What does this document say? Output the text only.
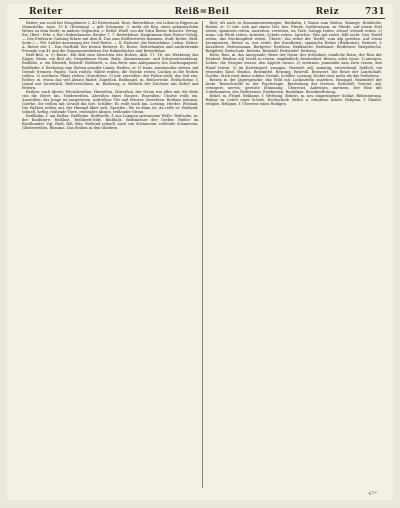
Reiter	Reiß=Beil	Reiz	731

Reiter; nur noch bei Neugebauer 2, 43 Reiterstand, Ross, Reiterfahne; ein Lehen in Rippen an Mannshöhe. Ausz. 15 b. (Hornung) — gelt Schanzen. 3. mehr als Reg. einer geharnischten Wehre zu dem Dorfe; in andern Gegenden; s. Rößel. Ehrfl. von der Stirn Reiter. Rosscht. Vertag. Sie. (Reit.: Frhr. v. Rw.) Bobenhausen: Bruder 7, 7: Reiterfahne; Hauptmann über Reiter-Gefolg. — Des Freiherrn Gattung führte mit dem R. Das zum Stellvertreter kommen. Stall.-Reiter. (Beil. Seite.) — Prf. Sattler-Anweisung der Graf Reiter. — II. Reiterei; die Reiterfahne. Lehen. Reiter: A. Reiter der 1.: Das Dorfbild. der fernen Reiterei. R.: Rosse, Reiterhaufen und nachreitende Freunde von 41 und die Dragonereinheiten der Hakenbüchse und Reiterfahne.

Reiß-Beil, n. 1) Bauw.: Ein Beil zum Zurichten des Holzes, Abb. 17. 18. ein Werkzeug das Sägen, Eisen, ein Beil als: Neugebauer Eisen: Rabe, Zimmermanns- und Schreinerwerkzeug. Reißblei, n. ein Bleistift, Rotstift. Reißbrett, n. das Brett zum Aufspannen des Zeichenpapiers. Reißfeder, f. Werkzeug zum Ziehen gerader Linien. Reißen, st. 1) trans. auseinander ziehen, mit Gewalt trennen: Papier, Tuch reißen; Nähte reißen; die Stricke rissen; Lücken in die Reihen reißen. 2) zeichnen: Pläne reißen, Grundrisse. 3) intr. zerreißen: der Faden reißt, das Seil riss. Reißer, m. etwas das viel Absatz findet; Zugstück. Reißnagel, m. Reißzwecke. Reißschiene, f. Lineal mit Querstück. Reißverschluss, m. Reißzeug, n. Besteck der Zeichner mit Zirkel und Federn.

Reißen: auch übertr. Fürsichreißen, Hinreißen, Mitreißen. der Strom riss alles mit; die Rede riss die Hörer hin. Niederreißen, Abreißen eines Hauses. Einreißen: Unsitte reißt ein. Ausreißen: der Junge ist ausgerissen. Aufreißen: Tür und Fenster. Zerreißen. Reißaus nehmen. Goethe: Sie reißen mit Gewalt ihn fort. Schiller: Es reißt mich hin. Lessing. Herder. Wieland. Die Wolken reißen auf, der Himmel klärt sich. Sprichw.: Wo es dünn ist, da reißt es. Reißend: schnell, heftig; reißende Tiere, reißender Absatz, reißender Strom.

Reißbahn, f. am Ballon. Reißleine. Reißwolle, f. aus Lumpen gewonnene Wolle. Reißzahn, m. der Raubtiere. Reißlust. Reißbrett-Stift. Reißholz. Reißmesser der Gerber. Reißer im Buchhandel. Vgl. Rieß, Riß, Ritz. Reißend schnell, auch von Schmerzen: reißende Schmerzen, Gliederreißen, Rheuma. Das Reißen in den Gliedern.

Reit; oft auch in Zusammensetzungen. Reitbahn, f. Raum zum Reiten, Manege. Reitdecke. Reiten, st. 1) intr. sich auf einem Tier, bes. Pferde, fortbewegen: zu Pferde, auf einem Esel reiten; spazieren reiten, ausreiten, vorreiten; im Trab, Galopp reiten; scharf, schnell reiten. 2) trans. ein Pferd reiten, zureiten; Schule reiten. Sprichw.: Wer gut reitet, fällt nicht. Den Teufel reiten; das Steckenpferd reiten. Übertr.: ihn reitet der Teufel; vom Alp geritten. Auf etwas herumreiten. Reiter, m. wer reitet; der Kavallerist; spanische Reiter (Hindernis). Reiterei, f. Kavallerie. Reitersmann. Reitgerte. Reithose. Reitknecht. Reitkunst. Reitlehrer. Reitpeitsche. Reitpferd. Reitschule. Reitsitz. Reitstall. Reitstiefel. Reitweg.

Reitz, Reiz, m. das Anregende; Reize der Natur, der Schönheit; sinnliche Reize; der Reiz der Neuheit. Reizbar, adj. leicht zu reizen, empfindlich; Reizbarkeit. Reizen, schw. trans. 1) anregen, locken: die Neugier reizen, den Appetit reizen. 2) erzürnen: jemanden zum Zorn reizen, den Hund reizen. 3) im Kartenspiel: ansagen. Reizend, adj. anmutig, entzückend, lieblich; ein reizendes Kind. Reizlos. Reizmittel. Reizung. Reizvoll. Reizwort. Die Reize der Landschaft. Goethe: Mich reizt deine schöne Gestalt. Schiller. Lessing: Nichts reizt mehr als das Verbotene.

Reizen in der Jägersprache: das Wild mit Lockmitteln anziehen. Reizjagd. Reizmittel der Ärzte. Reizschwelle in der Psychologie. Reizleitung der Nerven. Reizstoff. Gereizt, adj. verärgert, nervös; gereizte Stimmung. Überreizt. Aufreizen, anreizen. Der Reiz des Unbekannten, des Verbotenen. Reizhusten. Reizklima. Reizüberflutung.

Rekel, m. Flegel. Reklame, f. Werbung. Rekrut, m. neu eingezogener Soldat; Rekrutierung. Rektor, m. Leiter einer Schule, Hochschule. Relief, n. erhabene Arbeit. Religion, f. Glaube; religiös. Reliquie, f. Überrest eines Heiligen.

47*
